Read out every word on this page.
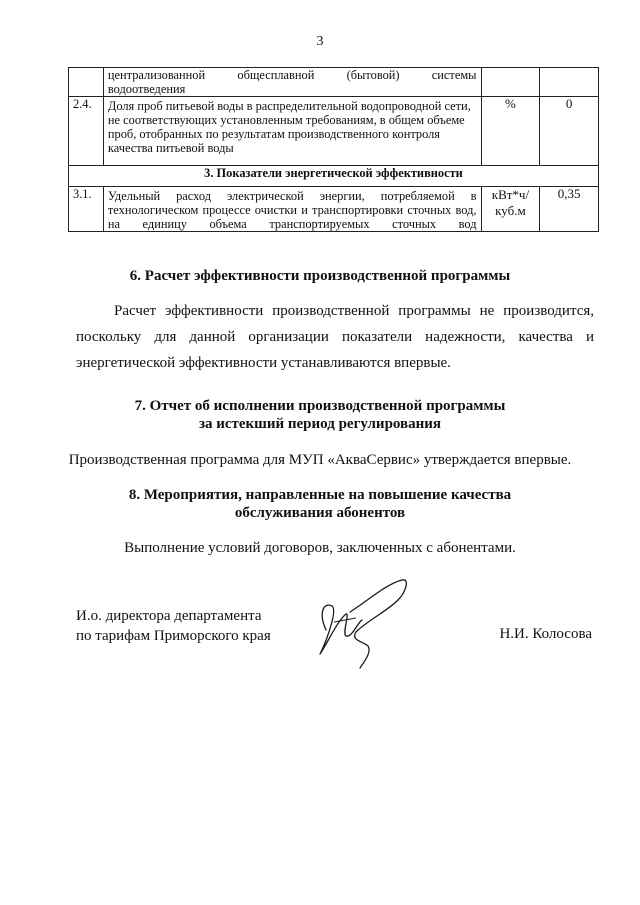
3

	централизованной общесплавной (бытовой) системы
водоотведения		

2.4.	Доля проб питьевой воды в распределительной водопроводной сети, не соответствующих установленным требованиям, в общем объеме проб, отобранных по результатам производственного контроля качества питьевой воды	%	0
3. Показатели энергетической эффективности			
3.1.	Удельный расход электрической энергии, потребляемой в технологическом процессе очистки и транспортировки сточных вод, на единицу объема транспортируемых сточных вод	кВт*ч/ куб.м	0,35
6. Расчет эффективности производственной программы
Расчет эффективности производственной программы не производится, поскольку для данной организации показатели надежности, качества и энергетической эффективности устанавливаются впервые.
7. Отчет об исполнении производственной программы
за истекший период регулирования
Производственная программа для МУП «АкваСервис» утверждается впервые.
8. Мероприятия, направленные на повышение качества
обслуживания абонентов
Выполнение условий договоров, заключенных с абонентами.
И.о. директора департамента
по тарифам Приморского края	Н.И. Колосова
